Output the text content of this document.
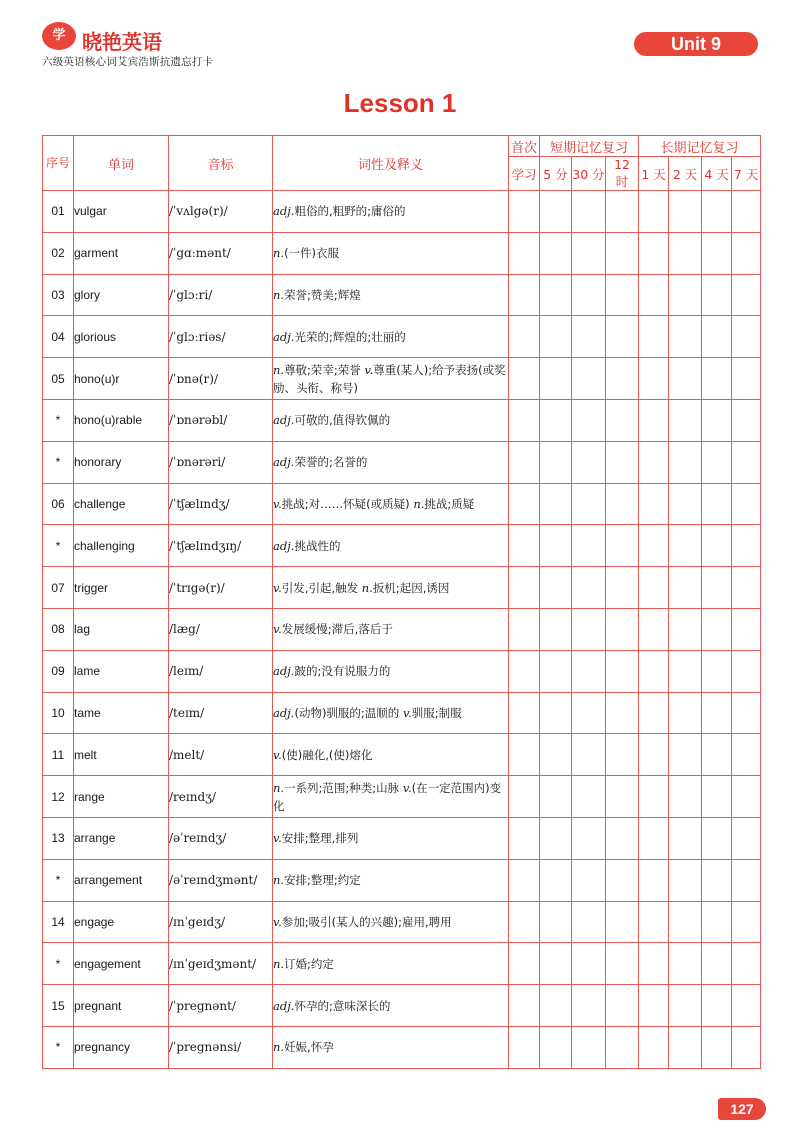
学 晓艳英语
六级英语核心词艾宾浩斯抗遗忘打卡
Unit 9
Lesson 1
序号	单词	音标	词性及释义	首次	短期记忆复习			长期记忆复习			
				学习	5 分	30 分	12 时	1 天	2 天	4 天	7 天
01	vulgar	/ˈvʌlgə(r)/	adj.粗俗的,粗野的;庸俗的								
02	garment	/ˈgɑːmənt/	n.(一件)衣服								
03	glory	/ˈglɔːri/	n.荣誉;赞美;辉煌								
04	glorious	/ˈglɔːriəs/	adj.光荣的;辉煌的;壮丽的								
05	hono(u)r	/ˈɒnə(r)/	n.尊敬;荣幸;荣誉 v.尊重(某人);给予表扬(或奖励、头衔、称号)								
*	hono(u)rable	/ˈɒnərəbl/	adj.可敬的,值得钦佩的								
*	honorary	/ˈɒnərəri/	adj.荣誉的;名誉的								
06	challenge	/ˈtʃælɪndʒ/	v.挑战;对……怀疑(或质疑) n.挑战;质疑								
*	challenging	/ˈtʃælɪndʒɪŋ/	adj.挑战性的								
07	trigger	/ˈtrɪgə(r)/	v.引发,引起,触发 n.扳机;起因,诱因								
08	lag	/læg/	v.发展缓慢;滞后,落后于								
09	lame	/leɪm/	adj.跛的;没有说服力的								
10	tame	/teɪm/	adj.(动物)驯服的;温顺的 v.驯服;制服								
11	melt	/melt/	v.(使)融化,(使)熔化								
12	range	/reɪndʒ/	n.一系列;范围;种类;山脉 v.(在一定范围内)变化								
13	arrange	/əˈreɪndʒ/	v.安排;整理,排列								
*	arrangement	/əˈreɪndʒmənt/	n.安排;整理;约定								
14	engage	/ɪnˈgeɪdʒ/	v.参加;吸引(某人的兴趣);雇用,聘用								
*	engagement	/ɪnˈgeɪdʒmənt/	n.订婚;约定								
15	pregnant	/ˈpregnənt/	adj.怀孕的;意味深长的								
*	pregnancy	/ˈpregnənsi/	n.妊娠,怀孕								
127
